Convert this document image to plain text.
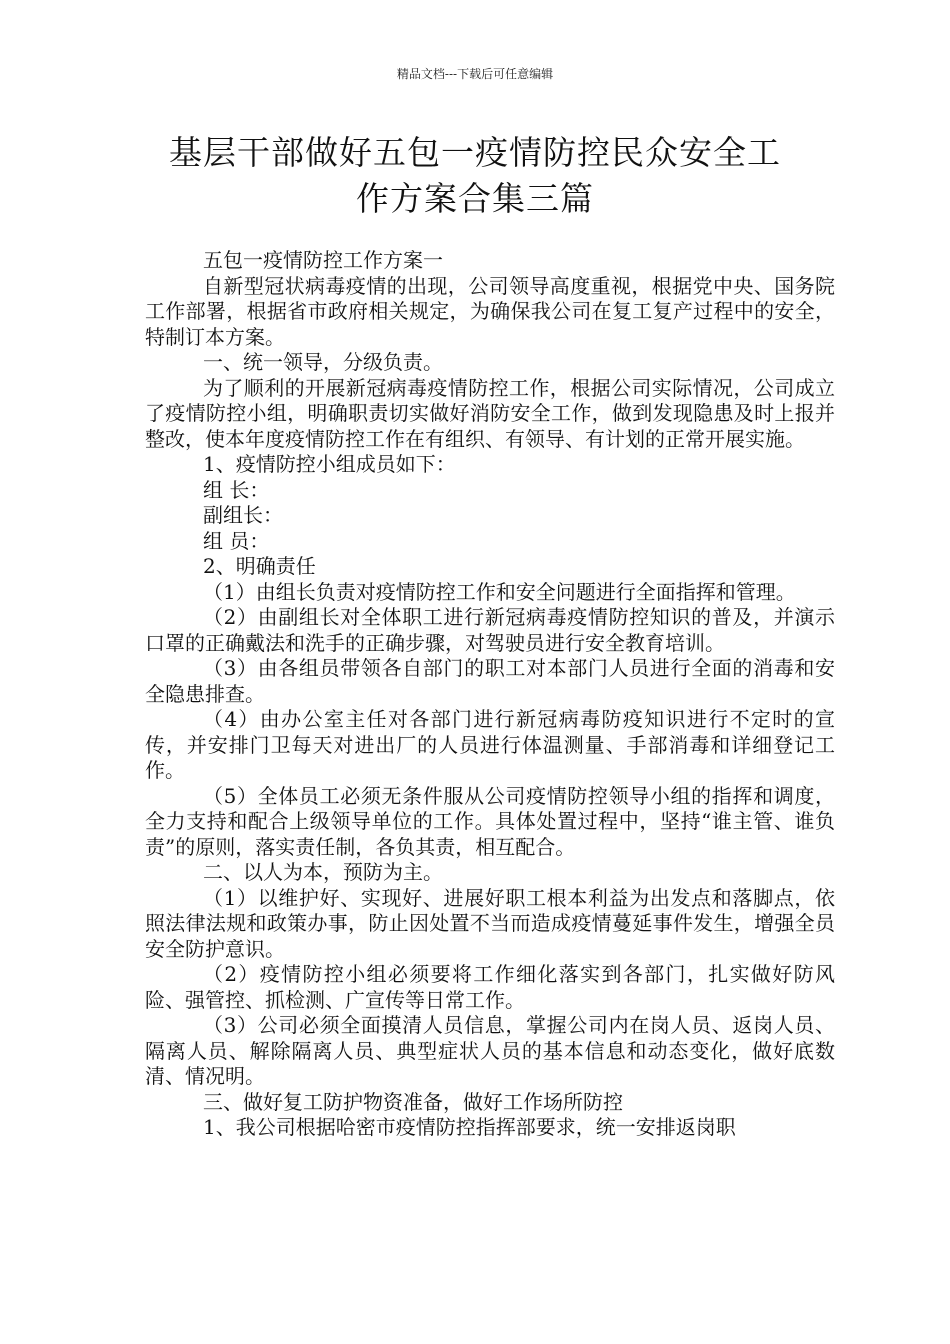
精品文档---下载后可任意编辑
基层干部做好五包一疫情防控民众安全工
作方案合集三篇

五包一疫情防控工作方案一

自新型冠状病毒疫情的出现，公司领导高度重视，根据党中央、国务院工作部署，根据省市政府相关规定，为确保我公司在复工复产过程中的安全，特制订本方案。

一、统一领导，分级负责。

为了顺利的开展新冠病毒疫情防控工作，根据公司实际情况，公司成立了疫情防控小组，明确职责切实做好消防安全工作，做到发现隐患及时上报并整改，使本年度疫情防控工作在有组织、有领导、有计划的正常开展实施。

1、疫情防控小组成员如下：

组 长：

副组长：

组 员：

2、明确责任

（1）由组长负责对疫情防控工作和安全问题进行全面指挥和管理。

（2）由副组长对全体职工进行新冠病毒疫情防控知识的普及，并演示口罩的正确戴法和洗手的正确步骤，对驾驶员进行安全教育培训。

（3）由各组员带领各自部门的职工对本部门人员进行全面的消毒和安全隐患排查。

（4）由办公室主任对各部门进行新冠病毒防疫知识进行不定时的宣传，并安排门卫每天对进出厂的人员进行体温测量、手部消毒和详细登记工作。

（5）全体员工必须无条件服从公司疫情防控领导小组的指挥和调度，全力支持和配合上级领导单位的工作。具体处置过程中，坚持“谁主管、谁负责”的原则，落实责任制，各负其责，相互配合。

二、以人为本，预防为主。

（1）以维护好、实现好、进展好职工根本利益为出发点和落脚点，依照法律法规和政策办事，防止因处置不当而造成疫情蔓延事件发生，增强全员安全防护意识。

（2）疫情防控小组必须要将工作细化落实到各部门，扎实做好防风险、强管控、抓检测、广宣传等日常工作。

（3）公司必须全面摸清人员信息，掌握公司内在岗人员、返岗人员、隔离人员、解除隔离人员、典型症状人员的基本信息和动态变化，做好底数清、情况明。

三、做好复工防护物资准备，做好工作场所防控

1、我公司根据哈密市疫情防控指挥部要求，统一安排返岗职
